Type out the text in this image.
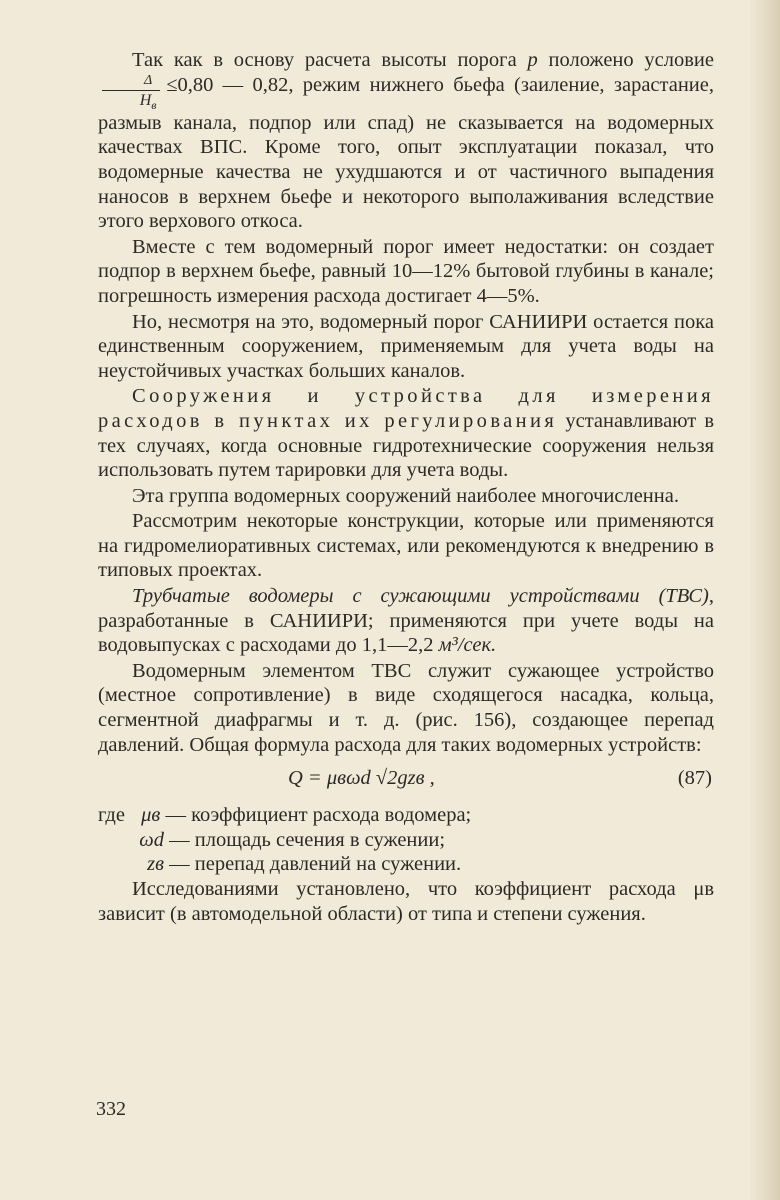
Так как в основу расчета высоты порога p положено условие
$\frac{\Delta}{H_в} \le 0,80$ — 0,82, режим нижнего бьефа (заиление, зарастание, размыв канала, подпор или спад) не сказывается на водомерных качествах ВПС. Кроме того, опыт эксплуатации показал, что водомерные качества не ухудшаются и от частичного выпадения наносов в верхнем бьефе и некоторого выполаживания вследствие этого верхового откоса.

Вместе с тем водомерный порог имеет недостатки: он создает подпор в верхнем бьефе, равный 10—12% бытовой глубины в канале; погрешность измерения расхода достигает 4—5%.

Но, несмотря на это, водомерный порог САНИИРИ остается пока единственным сооружением, применяемым для учета воды на неустойчивых участках больших каналов.

Сооружения и устройства для измерения расходов в пунктах их регулирования устанавливают в тех случаях, когда основные гидротехнические сооружения нельзя использовать путем тарировки для учета воды.

Эта группа водомерных сооружений наиболее многочисленна.

Рассмотрим некоторые конструкции, которые или применяются на гидромелиоративных системах, или рекомендуются к внедрению в типовых проектах.

Трубчатые водомеры с сужающими устройствами (ТВС), разработанные в САНИИРИ; применяются при учете воды на водовыпусках с расходами до 1,1—2,2 м³/сек.

Водомерным элементом ТВС служит сужающее устройство (местное сопротивление) в виде сходящегося насадка, кольца, сегментной диафрагмы и т. д. (рис. 156), создающее перепад давлений. Общая формула расхода для таких водомерных устройств:

Q = μвωd √2gzв ,	(87)

где μв — коэффициент расхода водомера;

ωd — площадь сечения в сужении;

zв — перепад давлений на сужении.

Исследованиями установлено, что коэффициент расхода μв зависит (в автомодельной области) от типа и степени сужения.

332
